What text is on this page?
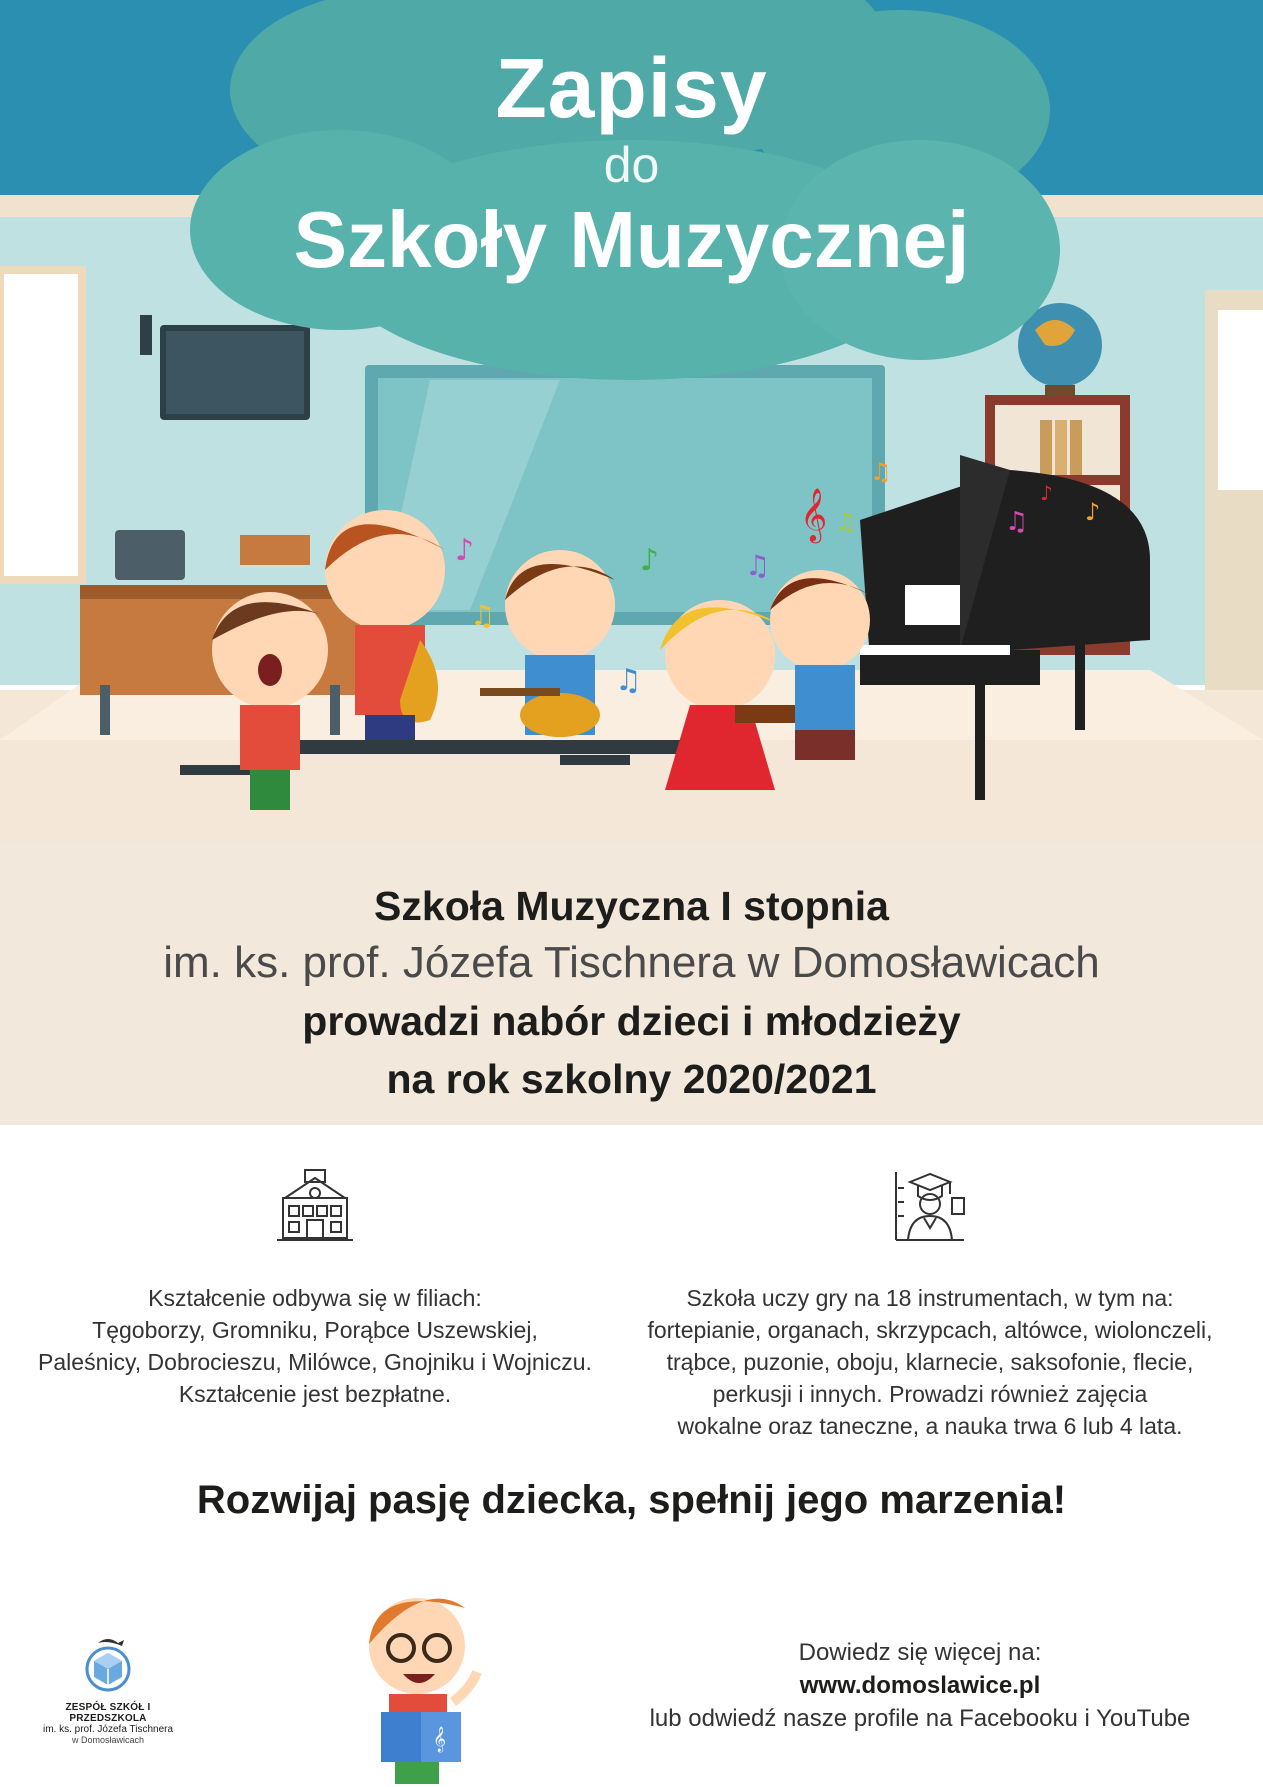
𝄞
♪	♪
♫
♫
♫
♫
♫
♫
♪
♪
Zapisy
do
Szkoły Muzycznej
Szkoła Muzyczna I stopnia
im. ks. prof. Józefa Tischnera w Domosławicach
prowadzi nabór dzieci i młodzieży
na rok szkolny 2020/2021
Kształcenie odbywa się w filiach:
Tęgoborzy, Gromniku, Porąbce Uszewskiej,
Paleśnicy, Dobrocieszu, Milówce, Gnojniku i Wojniczu.
Kształcenie jest bezpłatne.
Szkoła uczy gry na 18 instrumentach, w tym na:
fortepianie, organach, skrzypcach, altówce, wiolonczeli,
trąbce, puzonie, oboju, klarnecie, saksofonie, flecie,
perkusji i innych. Prowadzi również zajęcia
wokalne oraz taneczne, a nauka trwa 6 lub 4 lata.
Rozwijaj pasję dziecka, spełnij jego marzenia!
ZESPÓŁ SZKÓŁ I PRZEDSZKOLA
im. ks. prof. Józefa Tischnera
w Domosławicach	𝄞
Dowiedz się więcej na:
www.domoslawice.pl
lub odwiedź nasze profile na Facebooku i YouTube
